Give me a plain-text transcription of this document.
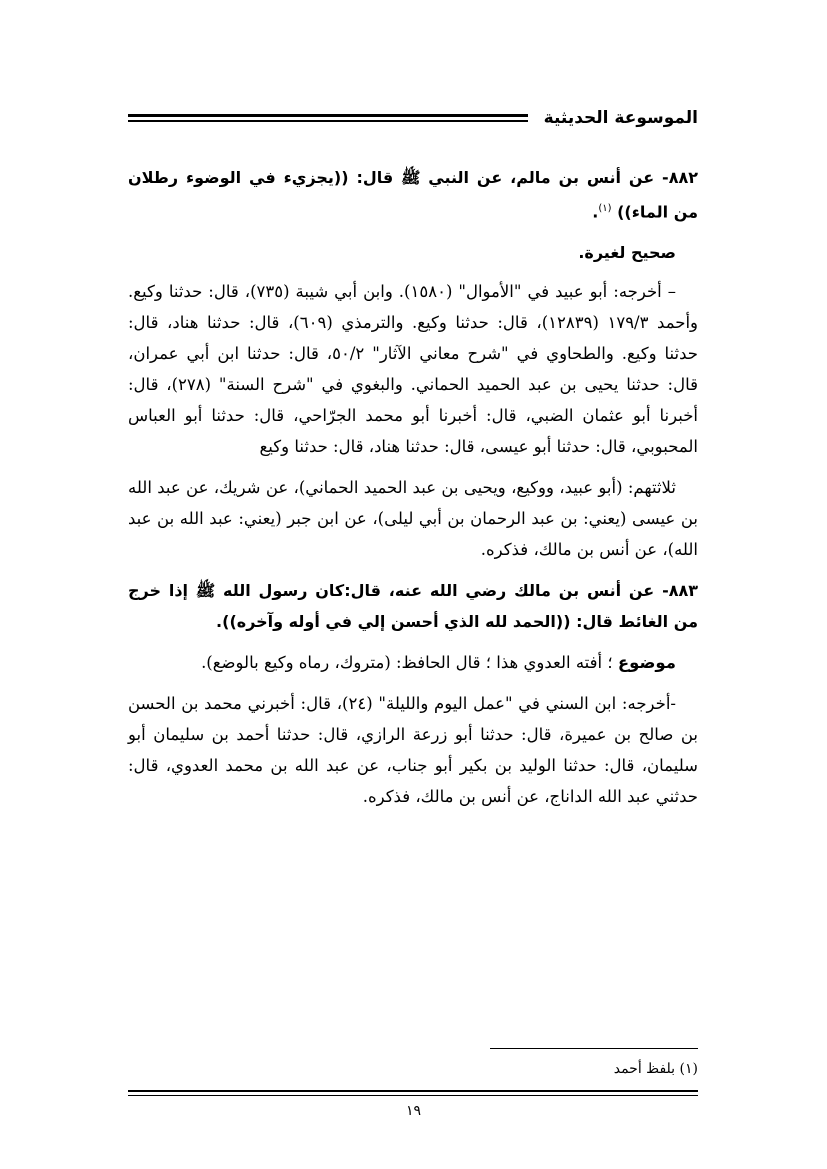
الموسوعة الحديثية

٨٨٢- عن أنس بن مالم، عن النبي ﷺ قال: ((يجزيء في الوضوء رطلان من الماء)) $^{(١)}$.

صحيح لغيرة.

– أخرجه: أبو عبيد في "الأموال" (١٥٨٠). وابن أبي شيبة (٧٣٥)، قال: حدثنا وكيع. وأحمد ١٧٩/٣ (١٢٨٣٩)، قال: حدثنا وكيع. والترمذي (٦٠٩)، قال: حدثنا هناد، قال: حدثنا وكيع. والطحاوي في "شرح معاني الآثار" ٥٠/٢، قال: حدثنا ابن أبي عمران، قال: حدثنا يحيى بن عبد الحميد الحماني. والبغوي في "شرح السنة" (٢٧٨)، قال: أخبرنا أبو عثمان الضبي، قال: أخبرنا أبو محمد الجرّاحي، قال: حدثنا أبو العباس المحبوبي، قال: حدثنا أبو عيسى، قال: حدثنا هناد، قال: حدثنا وكيع

ثلاثتهم: (أبو عبيد، ووكيع، ويحيى بن عبد الحميد الحماني)، عن شريك، عن عبد الله بن عيسى (يعني: بن عبد الرحمان بن أبي ليلى)، عن ابن جبر (يعني: عبد الله بن عبد الله)، عن أنس بن مالك، فذكره.

٨٨٣- عن أنس بن مالك رضي الله عنه، قال:كان رسول الله ﷺ إذا خرج من الغائط قال: ((الحمد لله الذي أحسن إلي في أوله وآخره)).

موضوع ؛ أفته العدوي هذا ؛ قال الحافظ: (متروك، رماه وكيع بالوضع).

-أخرجه: ابن السني في "عمل اليوم والليلة" (٢٤)، قال: أخبرني محمد بن الحسن بن صالح بن عميرة، قال: حدثنا أبو زرعة الرازي، قال: حدثنا أحمد بن سليمان أبو سليمان، قال: حدثنا الوليد بن بكير أبو جناب، عن عبد الله بن محمد العدوي، قال: حدثني عبد الله الداناج، عن أنس بن مالك، فذكره.

(١) بلفظ أحمد
١٩
